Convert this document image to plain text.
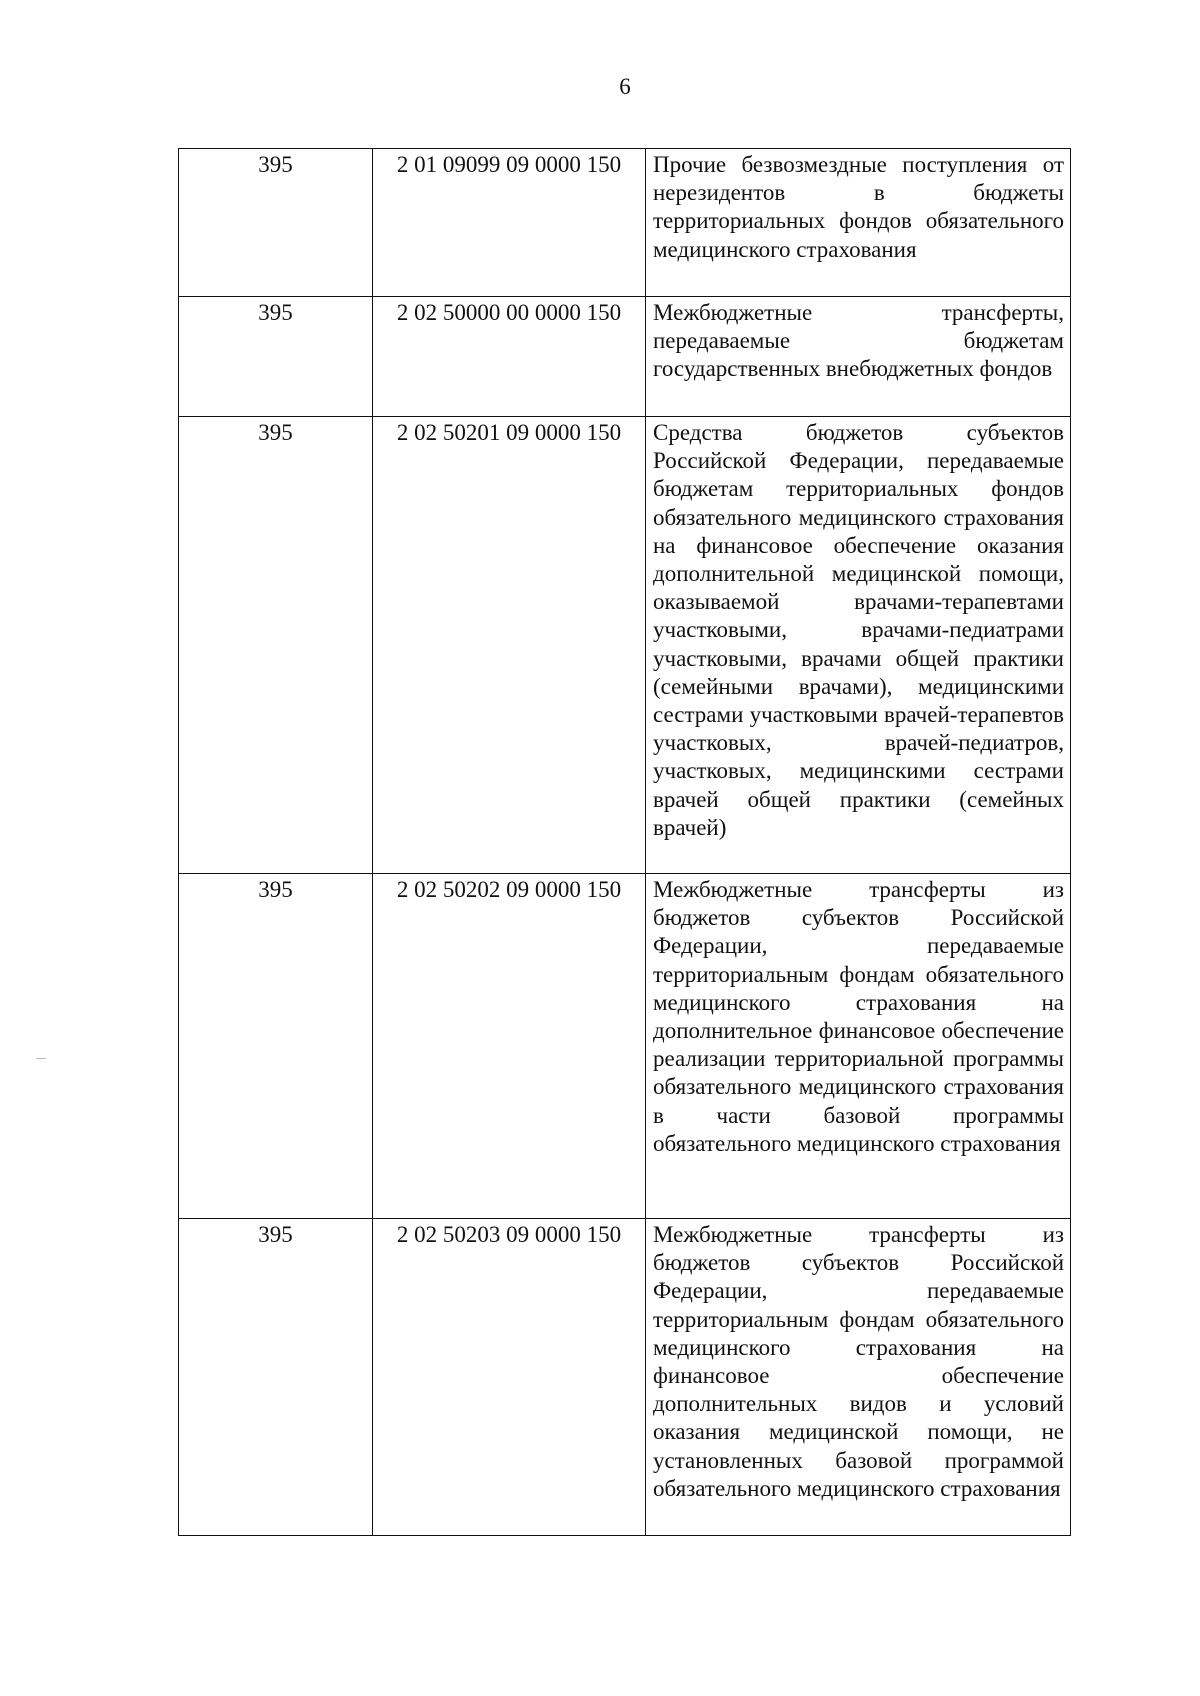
6
395	2 01 09099 09 0000 150	Прочие безвозмездные поступления от нерезидентов в бюджеты территориальных фондов обязательного медицинского страхования
395	2 02 50000 00 0000 150	Межбюджетные трансферты, передаваемые бюджетам государственных внебюджетных фондов
395	2 02 50201 09 0000 150	Средства бюджетов субъектов Российской Федерации, передаваемые бюджетам территориальных фондов обязательного медицинского страхования на финансовое обеспечение оказания дополнительной медицинской помощи, оказываемой врачами-терапевтами участковыми, врачами-педиатрами участковыми, врачами общей практики (семейными врачами), медицинскими сестрами участковыми врачей-терапевтов участковых, врачей-педиатров, участковых, медицинскими сестрами врачей общей практики (семейных врачей)
395	2 02 50202 09 0000 150	Межбюджетные трансферты из бюджетов субъектов Российской Федерации, передаваемые территориальным фондам обязательного медицинского страхования на дополнительное финансовое обеспечение реализации территориальной программы обязательного медицинского страхования в части базовой программы обязательного медицинского страхования
395	2 02 50203 09 0000 150	Межбюджетные трансферты из бюджетов субъектов Российской Федерации, передаваемые территориальным фондам обязательного медицинского страхования на финансовое обеспечение дополнительных видов и условий оказания медицинской помощи, не установленных базовой программой обязательного медицинского страхования
